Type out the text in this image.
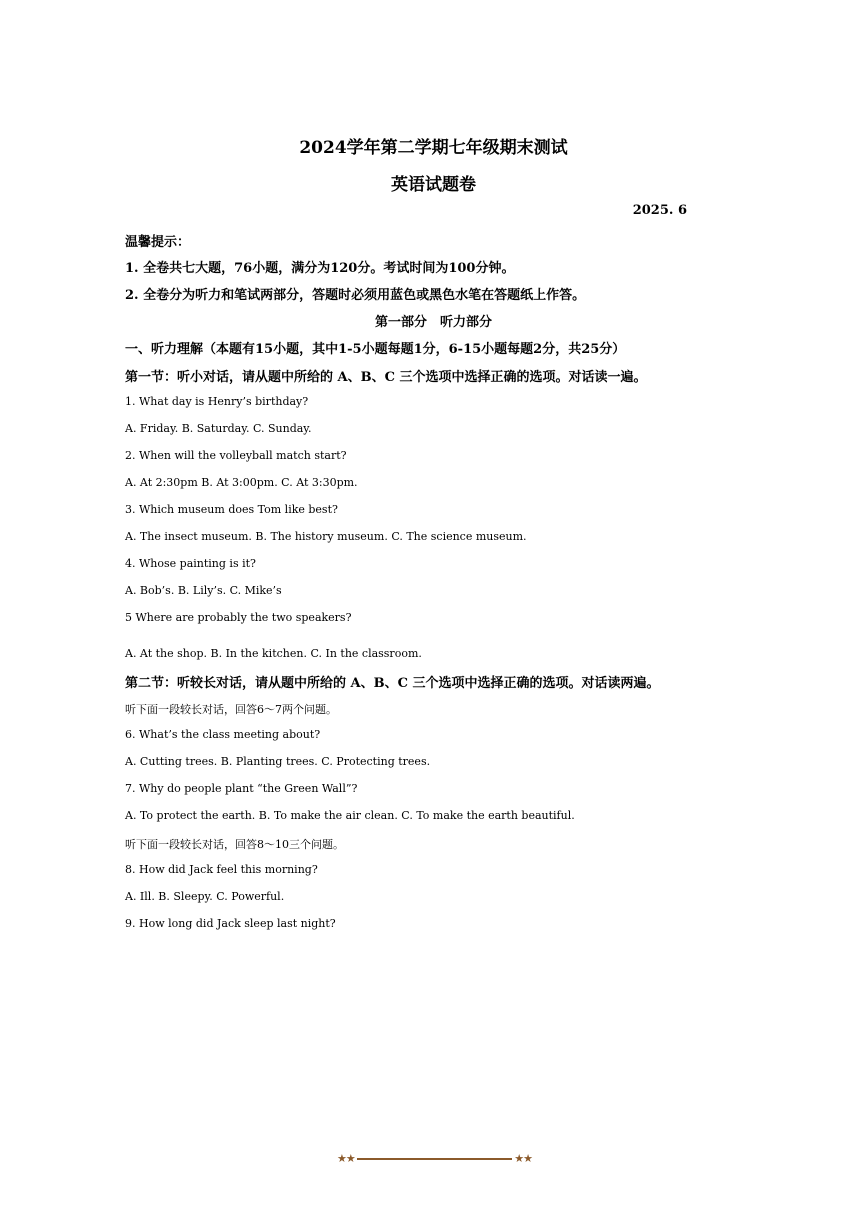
2024学年第二学期七年级期末测试
英语试题卷
2025. 6
温馨提示：
1. 全卷共七大题，76小题，满分为120分。考试时间为100分钟。
2. 全卷分为听力和笔试两部分，答题时必须用蓝色或黑色水笔在答题纸上作答。
第一部分　听力部分
一、听力理解（本题有15小题，其中1-5小题每题1分，6-15小题每题2分，共25分）
第一节：听小对话，请从题中所给的 A、B、C 三个选项中选择正确的选项。对话读一遍。
1. What day is Henry’s birthday?
A. Friday. B. Saturday. C. Sunday.
2. When will the volleyball match start?
A. At 2:30pm B. At 3:00pm. C. At 3:30pm.
3. Which museum does Tom like best?
A. The insect museum. B. The history museum. C. The science museum.
4. Whose painting is it?
A. Bob’s. B. Lily’s. C. Mike’s
5 Where are probably the two speakers?
A. At the shop. B. In the kitchen. C. In the classroom.
第二节：听较长对话，请从题中所给的 A、B、C 三个选项中选择正确的选项。对话读两遍。
听下面一段较长对话，回答6～7两个问题。
6. What’s the class meeting about?
A. Cutting trees. B. Planting trees. C. Protecting trees.
7. Why do people plant “the Green Wall”?
A. To protect the earth. B. To make the air clean. C. To make the earth beautiful.
听下面一段较长对话，回答8～10三个问题。
8. How did Jack feel this morning?
A. Ill. B. Sleepy. C. Powerful.
9. How long did Jack sleep last night?
★★	★★
